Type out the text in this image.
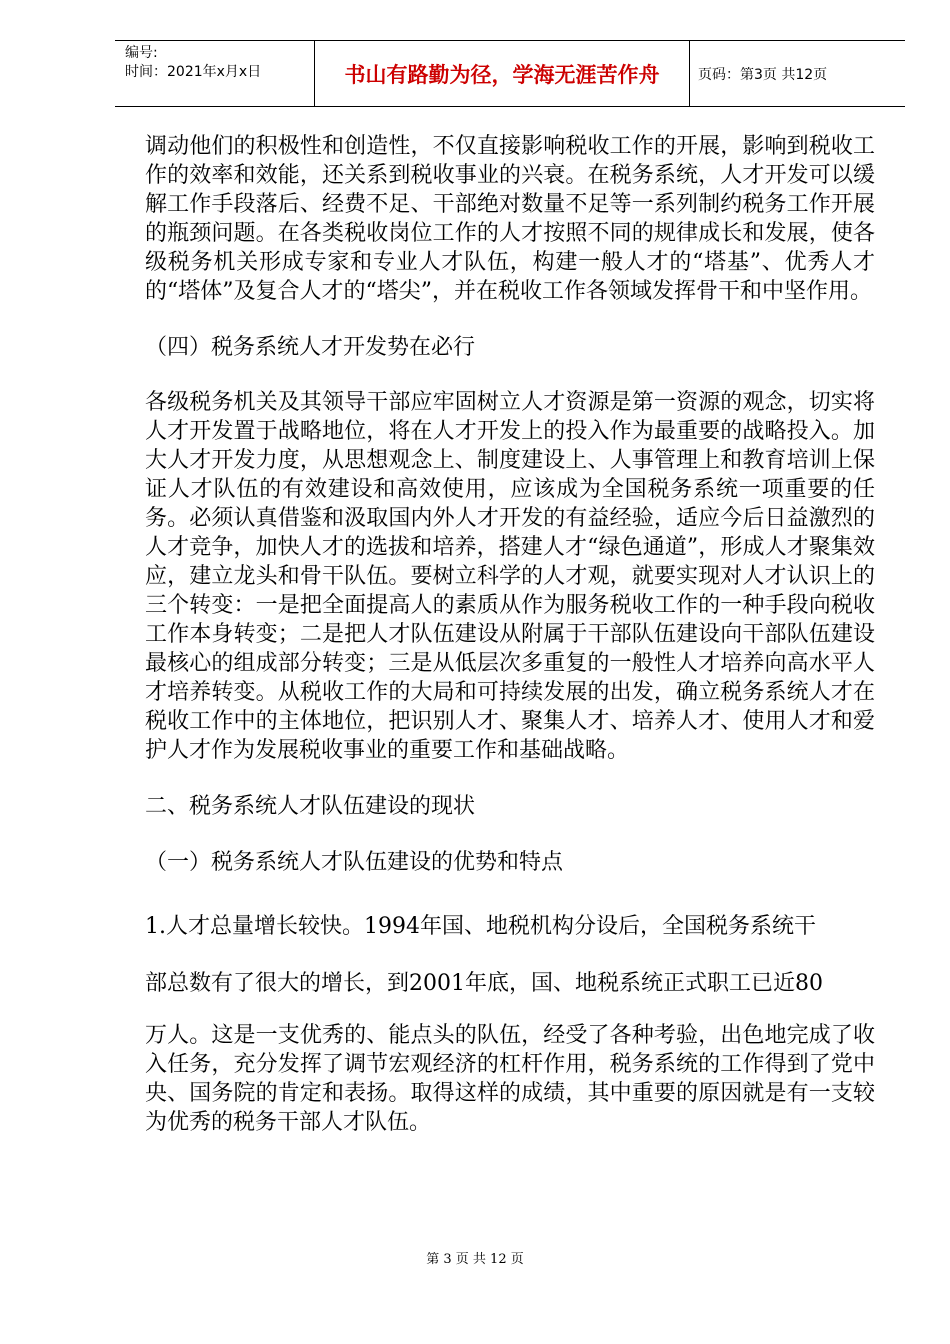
编号:
时间：2021年x月x日	书山有路勤为径，学海无涯苦作舟	页码：第3页 共12页

调动他们的积极性和创造性，不仅直接影响税收工作的开展，影响到税收工作的效率和效能，还关系到税收事业的兴衰。在税务系统，人才开发可以缓解工作手段落后、经费不足、干部绝对数量不足等一系列制约税务工作开展的瓶颈问题。在各类税收岗位工作的人才按照不同的规律成长和发展，使各级税务机关形成专家和专业人才队伍，构建一般人才的“塔基”、优秀人才的“塔体”及复合人才的“塔尖”，并在税收工作各领域发挥骨干和中坚作用。

（四）税务系统人才开发势在必行

各级税务机关及其领导干部应牢固树立人才资源是第一资源的观念，切实将人才开发置于战略地位，将在人才开发上的投入作为最重要的战略投入。加大人才开发力度，从思想观念上、制度建设上、人事管理上和教育培训上保证人才队伍的有效建设和高效使用，应该成为全国税务系统一项重要的任务。必须认真借鉴和汲取国内外人才开发的有益经验，适应今后日益激烈的人才竞争，加快人才的选拔和培养，搭建人才“绿色通道”，形成人才聚集效应，建立龙头和骨干队伍。要树立科学的人才观，就要实现对人才认识上的三个转变：一是把全面提高人的素质从作为服务税收工作的一种手段向税收工作本身转变；二是把人才队伍建设从附属于干部队伍建设向干部队伍建设最核心的组成部分转变；三是从低层次多重复的一般性人才培养向高水平人才培养转变。从税收工作的大局和可持续发展的出发，确立税务系统人才在税收工作中的主体地位，把识别人才、聚集人才、培养人才、使用人才和爱护人才作为发展税收事业的重要工作和基础战略。

二、税务系统人才队伍建设的现状

（一）税务系统人才队伍建设的优势和特点

1.人才总量增长较快。1994年国、地税机构分设后，全国税务系统干

部总数有了很大的增长，到2001年底，国、地税系统正式职工已近80

万人。这是一支优秀的、能点头的队伍，经受了各种考验，出色地完成了收入任务，充分发挥了调节宏观经济的杠杆作用，税务系统的工作得到了党中央、国务院的肯定和表扬。取得这样的成绩，其中重要的原因就是有一支较为优秀的税务干部人才队伍。

第 3 页 共 12 页
